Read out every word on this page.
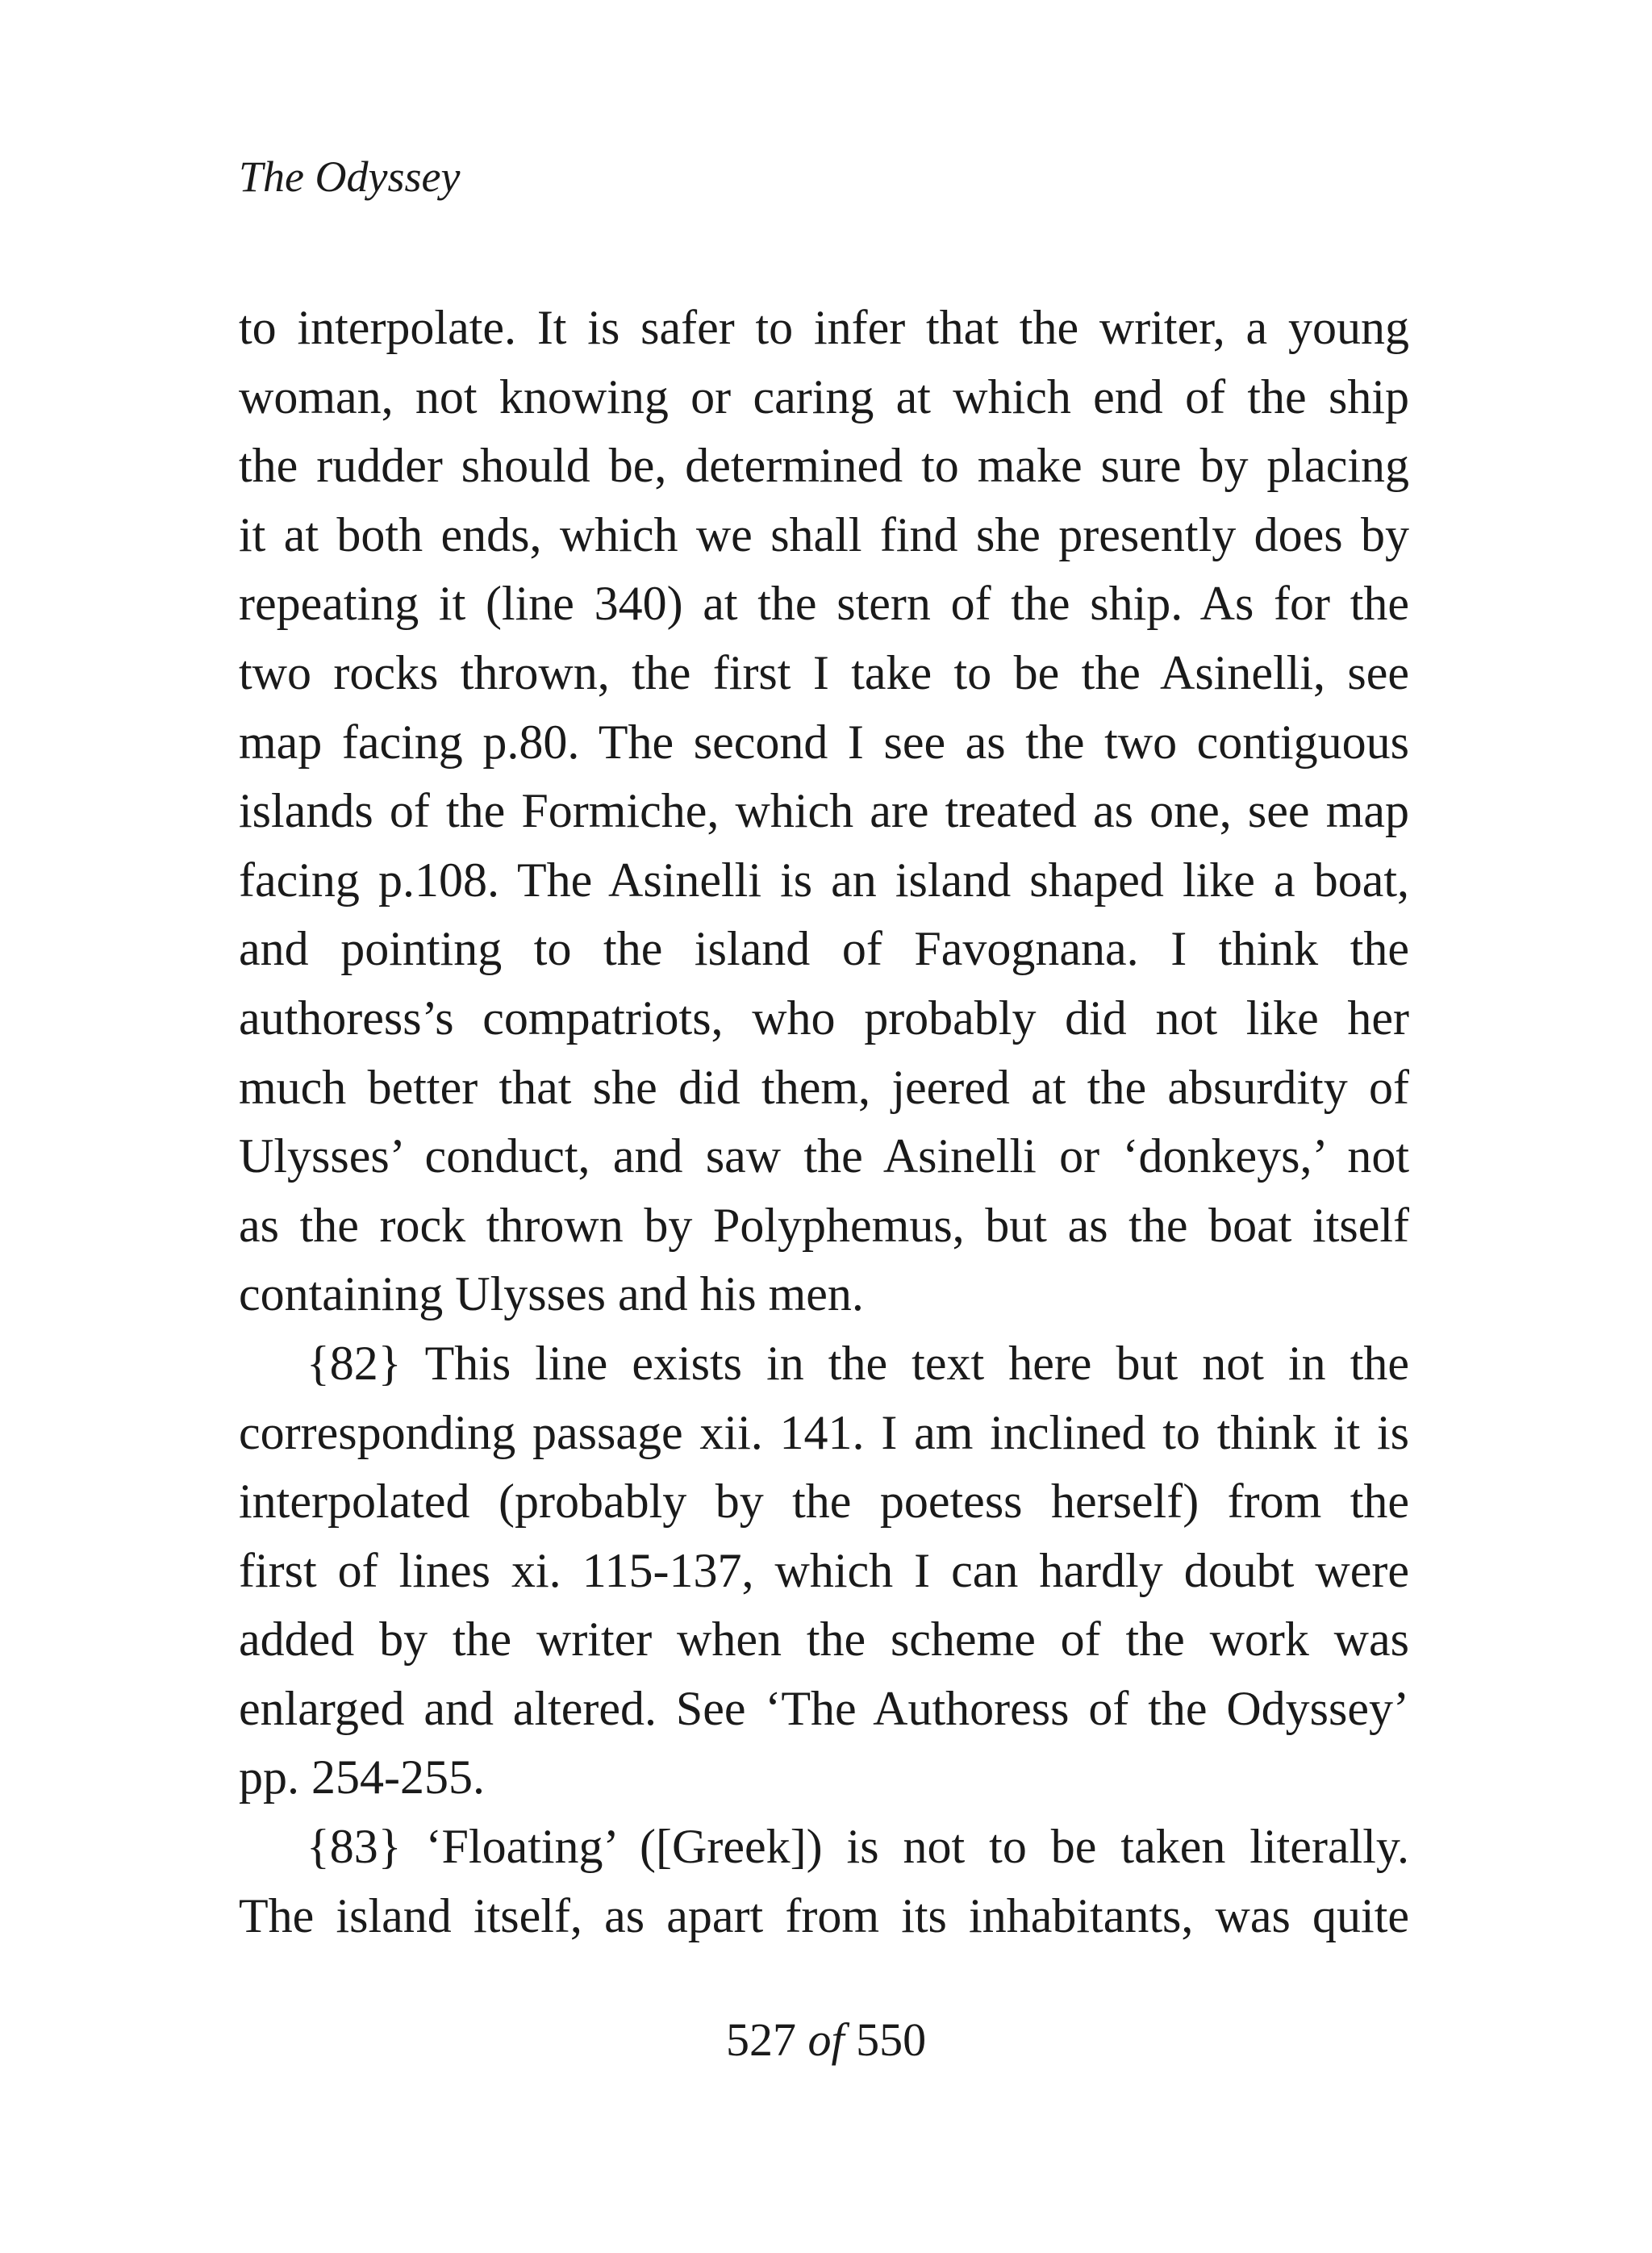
The Odyssey
to interpolate. It is safer to infer that the writer, a young
woman, not knowing or caring at which end of the ship
the rudder should be, determined to make sure by placing
it at both ends, which we shall find she presently does by
repeating it (line 340) at the stern of the ship. As for the
two rocks thrown, the first I take to be the Asinelli, see
map facing p.80. The second I see as the two contiguous
islands of the Formiche, which are treated as one, see map
facing p.108. The Asinelli is an island shaped like a boat,
and pointing to the island of Favognana. I think the
authoress’s compatriots, who probably did not like her
much better that she did them, jeered at the absurdity of
Ulysses’ conduct, and saw the Asinelli or ‘donkeys,’ not
as the rock thrown by Polyphemus, but as the boat itself
containing Ulysses and his men.
{82} This line exists in the text here but not in the
corresponding passage xii. 141. I am inclined to think it is
interpolated (probably by the poetess herself) from the
first of lines xi. 115-137, which I can hardly doubt were
added by the writer when the scheme of the work was
enlarged and altered. See ‘The Authoress of the Odyssey’
pp. 254-255.
{83} ‘Floating’ ([Greek]) is not to be taken literally.
The island itself, as apart from its inhabitants, was quite
527 of 550
